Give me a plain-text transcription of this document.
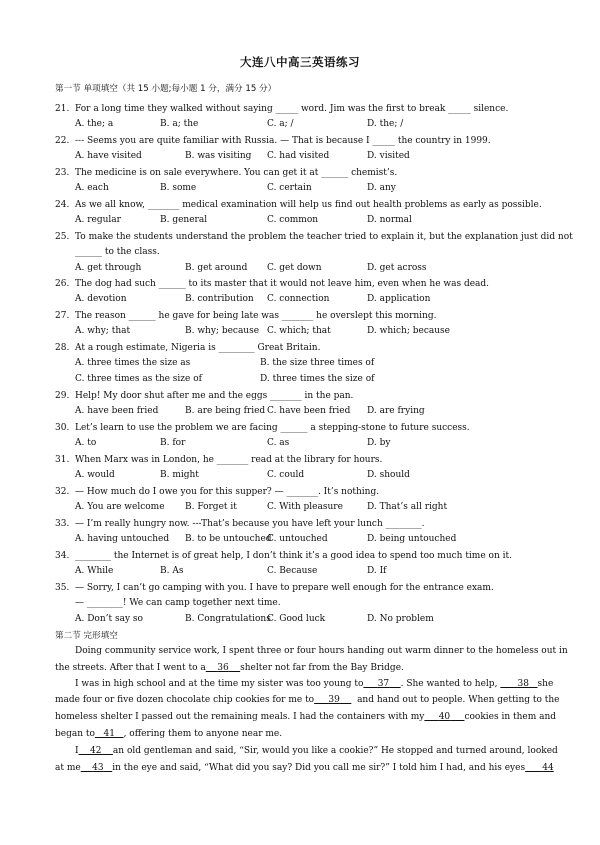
大连八中高三英语练习
第一节 单项填空（共 15 小题;每小题 1 分，满分 15 分）
21. For a long time they walked without saying _____ word. Jim was the first to break _____ silence.
A. the; a	B. a; the	C. a; /	D. the; /
22. --- Seems you are quite familiar with Russia. — That is because I _____ the country in 1999.
A. have visited	B. was visiting C. had visited	D. visited
23. The medicine is on sale everywhere. You can get it at ______ chemist’s.
A. each	B. some	C. certain	D. any
24. As we all know, _______ medical examination will help us find out health problems as early as possible.
A. regular	B. general	C. common	D. normal
25. To make the students understand the problem the teacher tried to explain it, but the explanation just did not
______ to the class.
A. get through	B. get around C. get down	D. get across
26. The dog had such ______ to its master that it would not leave him, even when he was dead.
A. devotion	B. contribution C. connection	D. application
27. The reason ______ he gave for being late was _______ he overslept this morning.
A. why; that	B. why; because C. which; that	D. which; because
28. At a rough estimate, Nigeria is ________ Great Britain.
A. three times the size as	B. the size three times of
C. three times as the size of	D. three times the size of
29. Help! My door shut after me and the eggs _______ in the pan.
A. have been fried	B. are being fried C. have been fried D. are frying
30. Let’s learn to use the problem we are facing ______ a stepping-stone to future success.
A. to	B. for	C. as	D. by
31. When Marx was in London, he _______ read at the library for hours.
A. would	B. might	C. could	D. should
32. — How much do I owe you for this supper? — _______. It’s nothing.
A. You are welcome B. Forget it	C. With pleasure	D. That’s all right
33. — I’m really hungry now. ---That’s because you have left your lunch ________.
A. having untouched B. to be untouched
C. untouched	D. being untouched
34. ________ the Internet is of great help, I don’t think it’s a good idea to spend too much time on it.
A. While	B. As	C. Because	D. If
35. — Sorry, I can’t go camping with you. I have to prepare well enough for the entrance exam.
— ________! We can camp together next time.
A. Don’t say so	B. Congratulations
C. Good luck	D. No problem
第二节 完形填空
Doing community service work, I spent three or four hours handing out warm dinner to the homeless out in
the streets. After that I went to a 36 shelter not far from the Bay Bridge.
I was in high school and at the time my sister was too young to 37 . She wanted to help, 38 she
made four or five dozen chocolate chip cookies for me to 39 and hand out to people. When getting to the
homeless shelter I passed out the remaining meals. I had the containers with my 40 cookies in them and
began to 41 , offering them to anyone near me.
I 42 an old gentleman and said, “Sir, would you like a cookie?” He stopped and turned around, looked
at me 43 in the eye and said, “What did you say? Did you call me sir?” I told him I had, and his eyes 44
